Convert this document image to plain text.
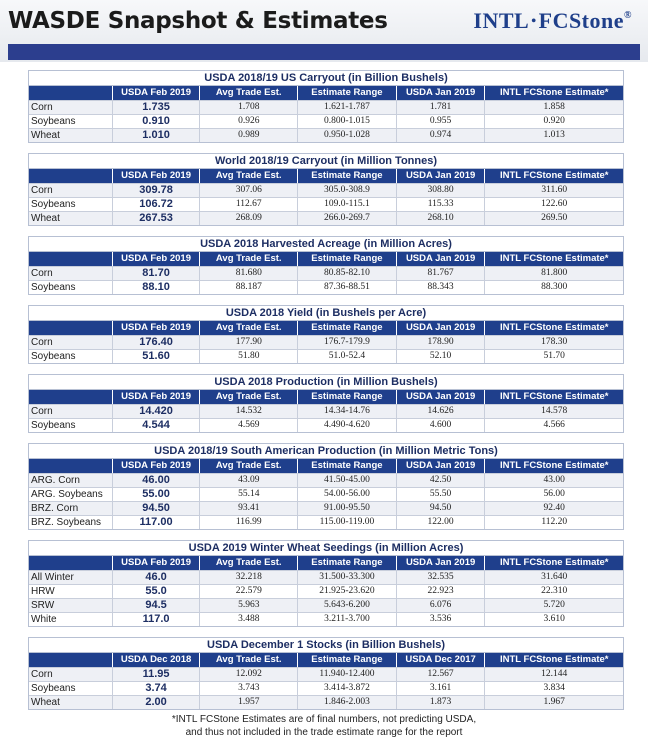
WASDE Snapshot & Estimates	INTL •FCStone®
USDA 2018/19 US Carryout (in Billion Bushels)
USDA Feb 2019	Avg Trade Est.	Estimate Range	USDA Jan 2019	INTL FCStone Estimate*
Corn	1.735	1.708	1.621-1.787	1.781	1.858
Soybeans	0.910	0.926	0.800-1.015	0.955	0.920
Wheat	1.010	0.989	0.950-1.028	0.974	1.013
World 2018/19 Carryout (in Million Tonnes)
USDA Feb 2019	Avg Trade Est.	Estimate Range	USDA Jan 2019	INTL FCStone Estimate*
Corn	309.78	307.06	305.0-308.9	308.80	311.60
Soybeans	106.72	112.67	109.0-115.1	115.33	122.60
Wheat	267.53	268.09	266.0-269.7	268.10	269.50
USDA 2018 Harvested Acreage (in Million Acres)
USDA Feb 2019	Avg Trade Est.	Estimate Range	USDA Jan 2019	INTL FCStone Estimate*
Corn	81.70	81.680	80.85-82.10	81.767	81.800
Soybeans	88.10	88.187	87.36-88.51	88.343	88.300
USDA 2018 Yield (in Bushels per Acre)
USDA Feb 2019	Avg Trade Est.	Estimate Range	USDA Jan 2019	INTL FCStone Estimate*
Corn	176.40	177.90	176.7-179.9	178.90	178.30
Soybeans	51.60	51.80	51.0-52.4	52.10	51.70
USDA 2018 Production (in Million Bushels)
USDA Feb 2019	Avg Trade Est.	Estimate Range	USDA Jan 2019	INTL FCStone Estimate*
Corn	14.420	14.532	14.34-14.76	14.626	14.578
Soybeans	4.544	4.569	4.490-4.620	4.600	4.566
USDA 2018/19 South American Production (in Million Metric Tons)
USDA Feb 2019	Avg Trade Est.	Estimate Range	USDA Jan 2019	INTL FCStone Estimate*
ARG. Corn	46.00	43.09	41.50-45.00	42.50	43.00
ARG. Soybeans	55.00	55.14	54.00-56.00	55.50	56.00
BRZ. Corn	94.50	93.41	91.00-95.50	94.50	92.40
BRZ. Soybeans	117.00	116.99	115.00-119.00	122.00	112.20
USDA 2019 Winter Wheat Seedings (in Million Acres)
USDA Feb 2019	Avg Trade Est.	Estimate Range	USDA Jan 2019	INTL FCStone Estimate*
All Winter	46.0	32.218	31.500-33.300	32.535	31.640
HRW	55.0	22.579	21.925-23.620	22.923	22.310
SRW	94.5	5.963	5.643-6.200	6.076	5.720
White	117.0	3.488	3.211-3.700	3.536	3.610
USDA December 1 Stocks (in Billion Bushels)
USDA Dec 2018	Avg Trade Est.	Estimate Range	USDA Dec 2017	INTL FCStone Estimate*
Corn	11.95	12.092	11.940-12.400	12.567	12.144
Soybeans	3.74	3.743	3.414-3.872	3.161	3.834
Wheat	2.00	1.957	1.846-2.003	1.873	1.967
*INTL FCStone Estimates are of final numbers, not predicting USDA,
and thus not included in the trade estimate range for the report
